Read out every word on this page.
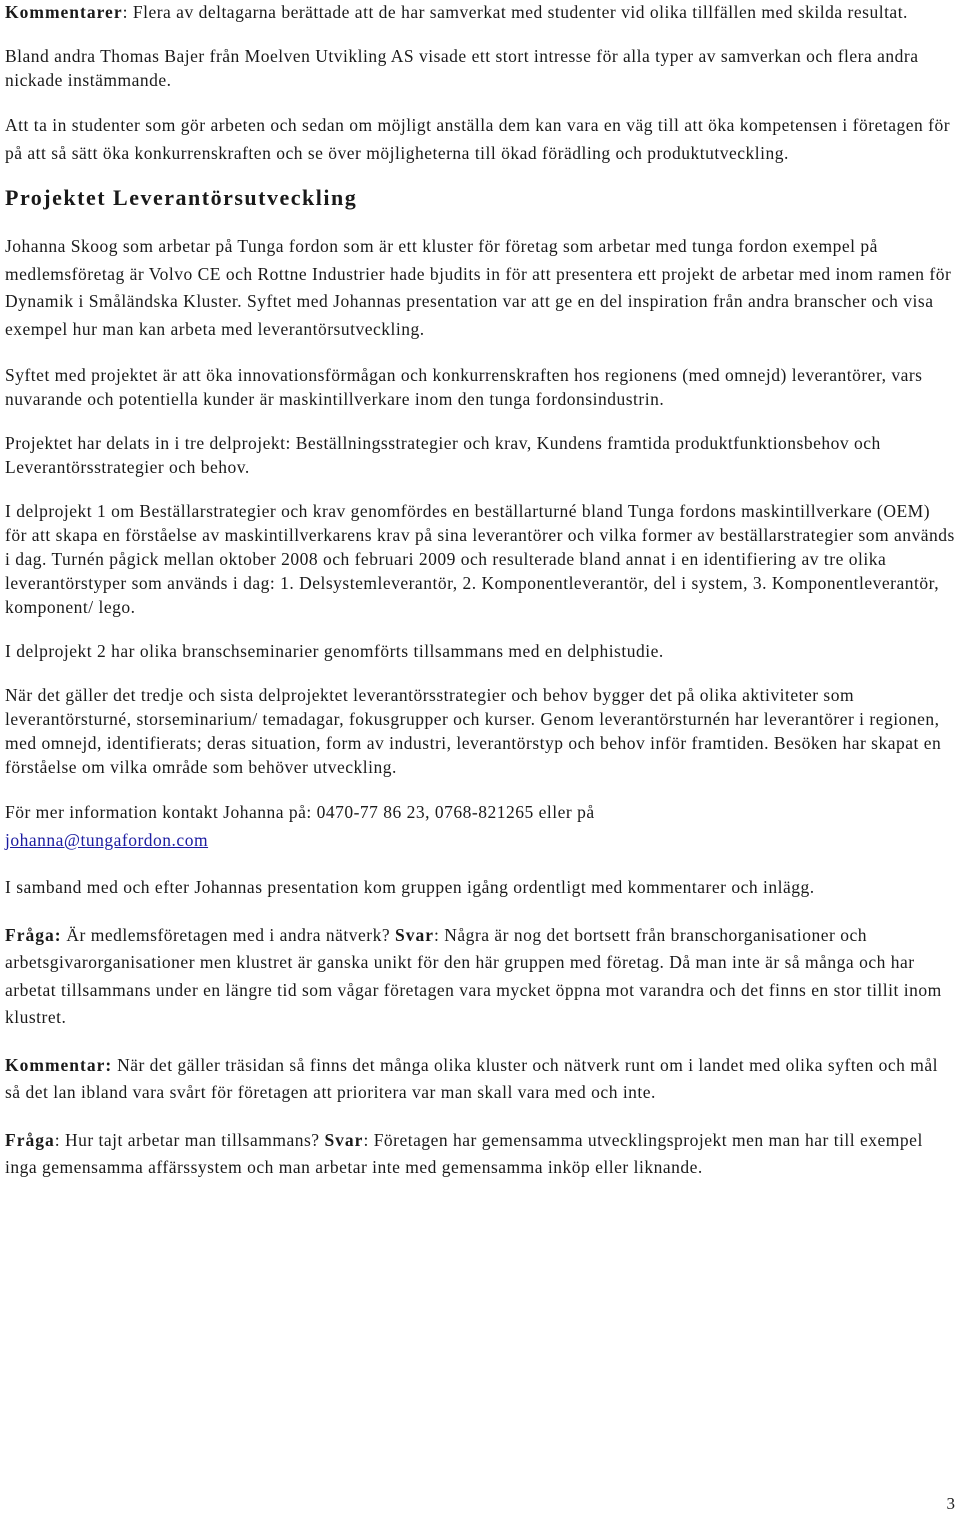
Kommentarer: Flera av deltagarna berättade att de har samverkat med studenter vid olika tillfällen med skilda resultat.

Bland andra Thomas Bajer från Moelven Utvikling AS visade ett stort intresse för alla typer av samverkan och flera andra nickade instämmande.

Att ta in studenter som gör arbeten och sedan om möjligt anställa dem kan vara en väg till att öka kompetensen i företagen för på att så sätt öka konkurrenskraften och se över möjligheterna till ökad förädling och produktutveckling.

Projektet Leverantörsutveckling

Johanna Skoog som arbetar på Tunga fordon som är ett kluster för företag som arbetar med tunga fordon exempel på medlemsföretag är Volvo CE och Rottne Industrier hade bjudits in för att presentera ett projekt de arbetar med inom ramen för Dynamik i Småländska Kluster. Syftet med Johannas presentation var att ge en del inspiration från andra branscher och visa exempel hur man kan arbeta med leverantörsutveckling.

Syftet med projektet är att öka innovationsförmågan och konkurrenskraften hos regionens (med omnejd) leverantörer, vars nuvarande och potentiella kunder är maskintillverkare inom den tunga fordonsindustrin.

Projektet har delats in i tre delprojekt: Beställningsstrategier och krav, Kundens framtida produktfunktionsbehov och Leverantörsstrategier och behov.

I delprojekt 1 om Beställarstrategier och krav genomfördes en beställarturné bland Tunga fordons maskintillverkare (OEM) för att skapa en förståelse av maskintillverkarens krav på sina leverantörer och vilka former av beställarstrategier som används i dag. Turnén pågick mellan oktober 2008 och februari 2009 och resulterade bland annat i en identifiering av tre olika leverantörstyper som används i dag: 1. Delsystemleverantör, 2. Komponentleverantör, del i system, 3. Komponentleverantör, komponent/ lego.

I delprojekt 2 har olika branschseminarier genomförts tillsammans med en delphistudie.

När det gäller det tredje och sista delprojektet leverantörsstrategier och behov bygger det på olika aktiviteter som leverantörsturné, storseminarium/ temadagar, fokusgrupper och kurser. Genom leverantörsturnén har leverantörer i regionen, med omnejd, identifierats; deras situation, form av industri, leverantörstyp och behov inför framtiden. Besöken har skapat en förståelse om vilka område som behöver utveckling.

För mer information kontakt Johanna på: 0470-77 86 23, 0768-821265 eller på
johanna@tungafordon.com

I samband med och efter Johannas presentation kom gruppen igång ordentligt med kommentarer och inlägg.

Fråga: Är medlemsföretagen med i andra nätverk? Svar: Några är nog det bortsett från branschorganisationer och arbetsgivarorganisationer men klustret är ganska unikt för den här gruppen med företag. Då man inte är så många och har arbetat tillsammans under en längre tid som vågar företagen vara mycket öppna mot varandra och det finns en stor tillit inom klustret.

Kommentar: När det gäller träsidan så finns det många olika kluster och nätverk runt om i landet med olika syften och mål så det lan ibland vara svårt för företagen att prioritera var man skall vara med och inte.

Fråga: Hur tajt arbetar man tillsammans? Svar: Företagen har gemensamma utvecklingsprojekt men man har till exempel inga gemensamma affärssystem och man arbetar inte med gemensamma inköp eller liknande.

3
